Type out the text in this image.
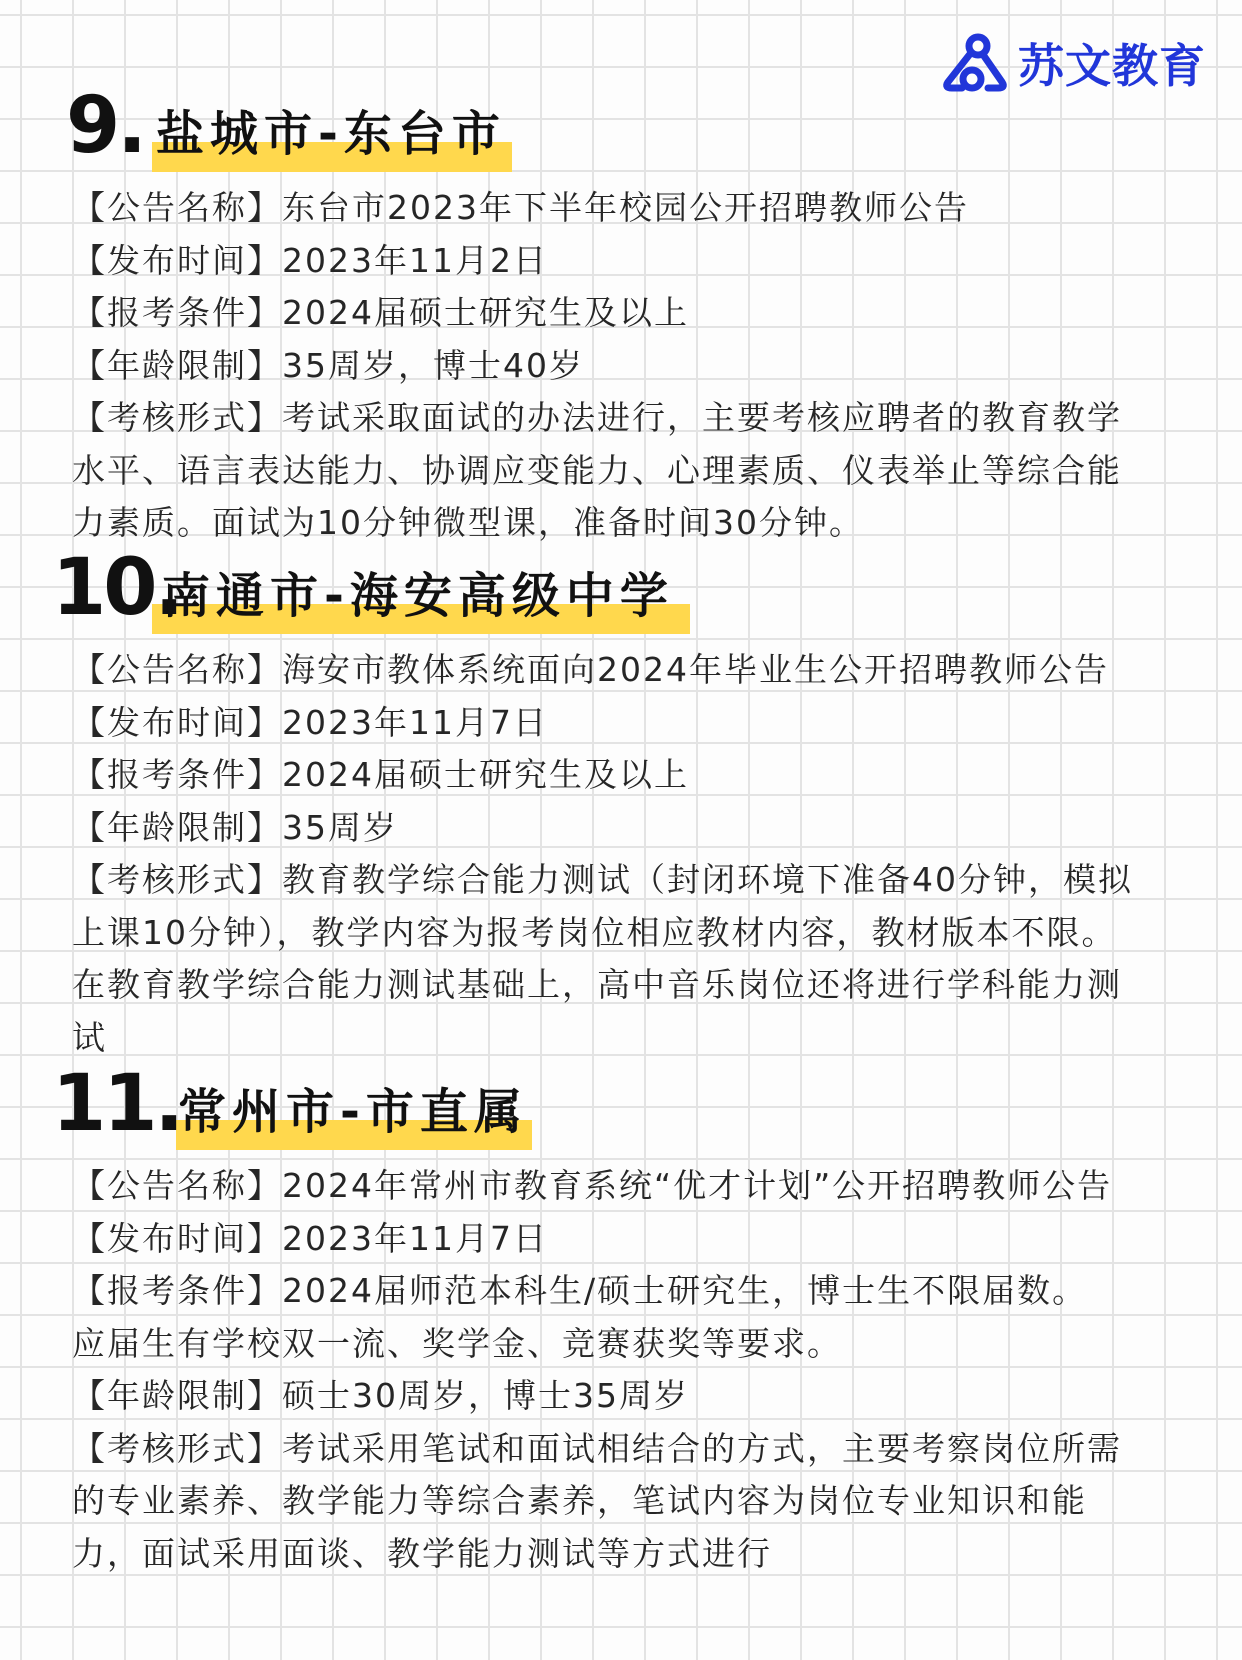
苏文教育
9. 盐城市-东台市
【公告名称】东台市2023年下半年校园公开招聘教师公告
【发布时间】2023年11月2日
【报考条件】2024届硕士研究生及以上
【年龄限制】35周岁，博士40岁
【考核形式】考试采取面试的办法进行，主要考核应聘者的教育教学
水平、语言表达能力、协调应变能力、心理素质、仪表举止等综合能
力素质。面试为10分钟微型课，准备时间30分钟。
10.
南通市-海安高级中学
【公告名称】海安市教体系统面向2024年毕业生公开招聘教师公告
【发布时间】2023年11月7日
【报考条件】2024届硕士研究生及以上
【年龄限制】35周岁
【考核形式】教育教学综合能力测试（封闭环境下准备40分钟，模拟
上课10分钟），教学内容为报考岗位相应教材内容，教材版本不限。
在教育教学综合能力测试基础上，高中音乐岗位还将进行学科能力测
试
11.
常州市-市直属
【公告名称】2024年常州市教育系统“优才计划”公开招聘教师公告
【发布时间】2023年11月7日
【报考条件】2024届师范本科生/硕士研究生，博士生不限届数。
应届生有学校双一流、奖学金、竞赛获奖等要求。
【年龄限制】硕士30周岁，博士35周岁
【考核形式】考试采用笔试和面试相结合的方式，主要考察岗位所需
的专业素养、教学能力等综合素养，笔试内容为岗位专业知识和能
力，面试采用面谈、教学能力测试等方式进行
